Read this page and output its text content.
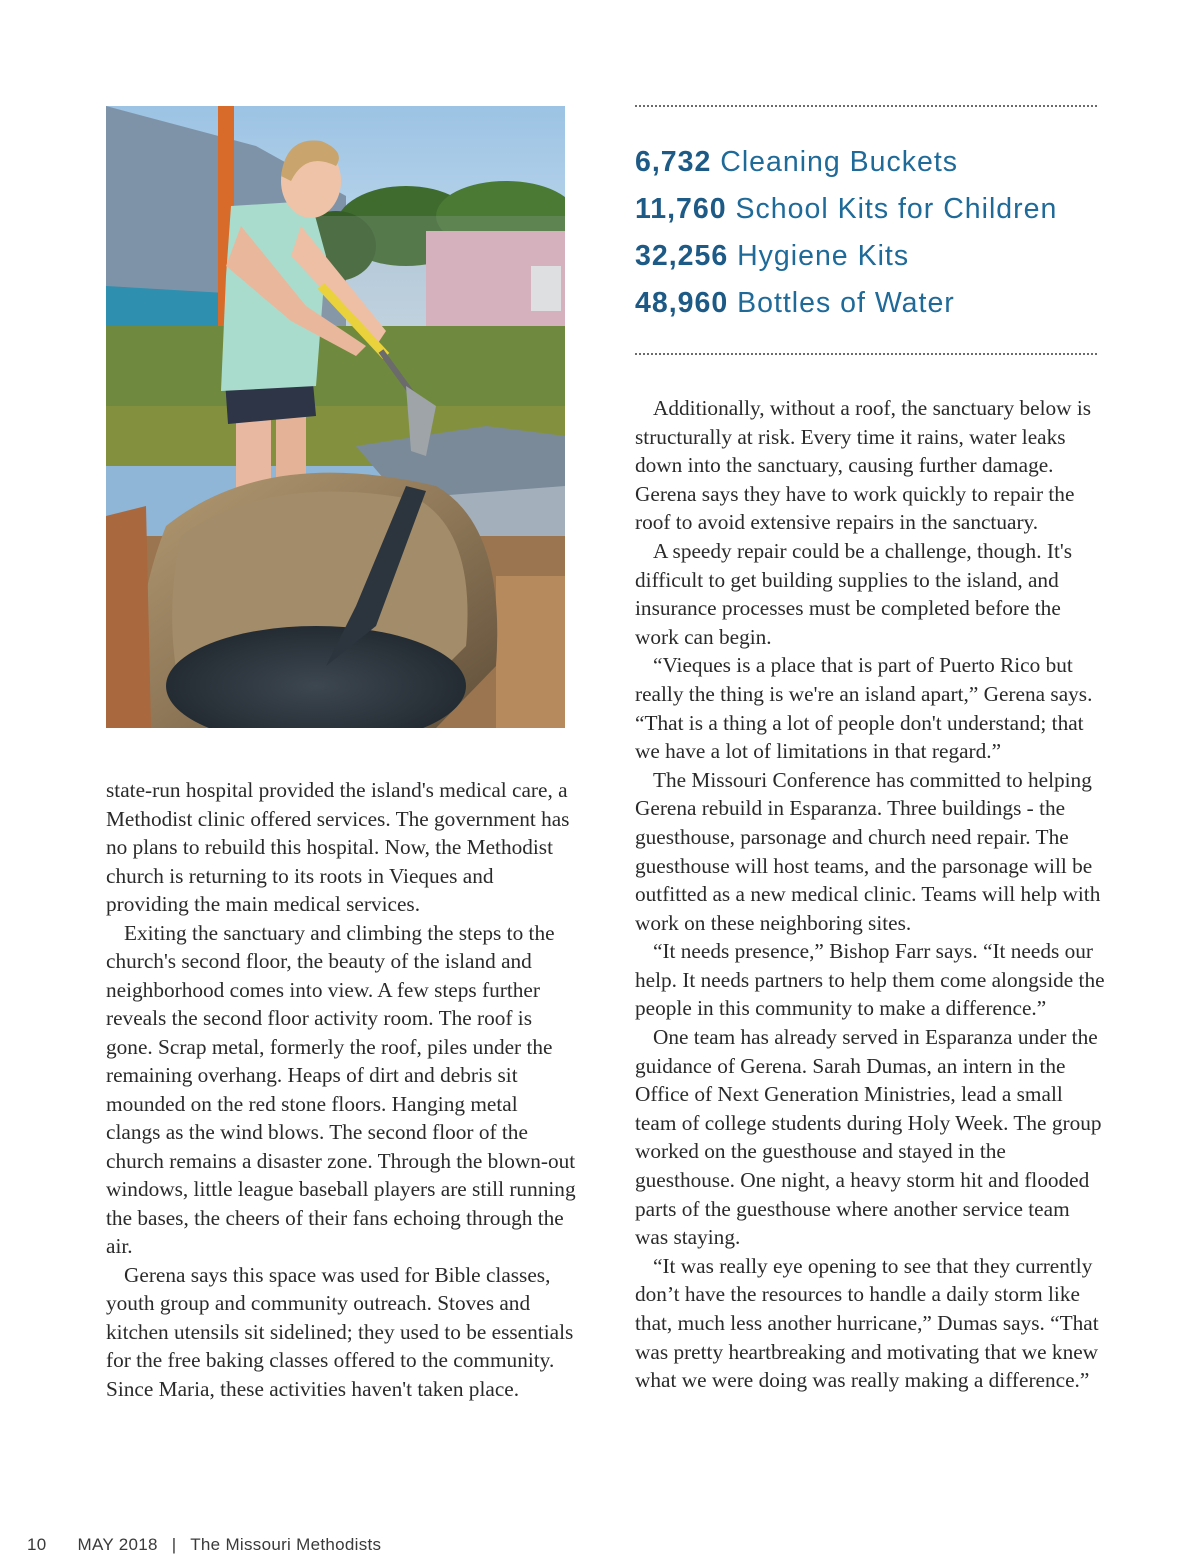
6,732 Cleaning Buckets
11,760 School Kits for Children
32,256 Hygiene Kits
48,960 Bottles of Water

state-run hospital provided the island's medical care, a Methodist clinic offered services. The government has no plans to rebuild this hospital. Now, the Methodist church is returning to its roots in Vieques and providing the main medical services.

Exiting the sanctuary and climbing the steps to the church's second floor, the beauty of the island and neighborhood comes into view. A few steps further reveals the second floor activity room. The roof is gone. Scrap metal, formerly the roof, piles under the remaining overhang. Heaps of dirt and debris sit mounded on the red stone floors. Hanging metal clangs as the wind blows. The second floor of the church remains a disaster zone. Through the blown-out windows, little league baseball players are still running the bases, the cheers of their fans echoing through the air.

Gerena says this space was used for Bible classes, youth group and community outreach. Stoves and kitchen utensils sit sidelined; they used to be essentials for the free baking classes offered to the community. Since Maria, these activities haven't taken place.

Additionally, without a roof, the sanctuary below is structurally at risk. Every time it rains, water leaks down into the sanctuary, causing further damage. Gerena says they have to work quickly to repair the roof to avoid extensive repairs in the sanctuary.

A speedy repair could be a challenge, though. It's difficult to get building supplies to the island, and insurance processes must be completed before the work can begin.

“Vieques is a place that is part of Puerto Rico but really the thing is we're an island apart,” Gerena says. “That is a thing a lot of people don't understand; that we have a lot of limitations in that regard.”

The Missouri Conference has committed to helping Gerena rebuild in Esparanza. Three buildings - the guesthouse, parsonage and church need repair. The guesthouse will host teams, and the parsonage will be outfitted as a new medical clinic. Teams will help with work on these neighboring sites.

“It needs presence,” Bishop Farr says. “It needs our help. It needs partners to help them come alongside the people in this community to make a difference.”

One team has already served in Esparanza under the guidance of Gerena. Sarah Dumas, an intern in the Office of Next Generation Ministries, lead a small team of college students during Holy Week. The group worked on the guesthouse and stayed in the guesthouse. One night, a heavy storm hit and flooded parts of the guesthouse where another service team was staying.

“It was really eye opening to see that they currently don’t have the resources to handle a daily storm like that, much less another hurricane,” Dumas says. “That was pretty heartbreaking and motivating that we knew what we were doing was really making a difference.”

10 MAY 2018 | The Missouri Methodists
